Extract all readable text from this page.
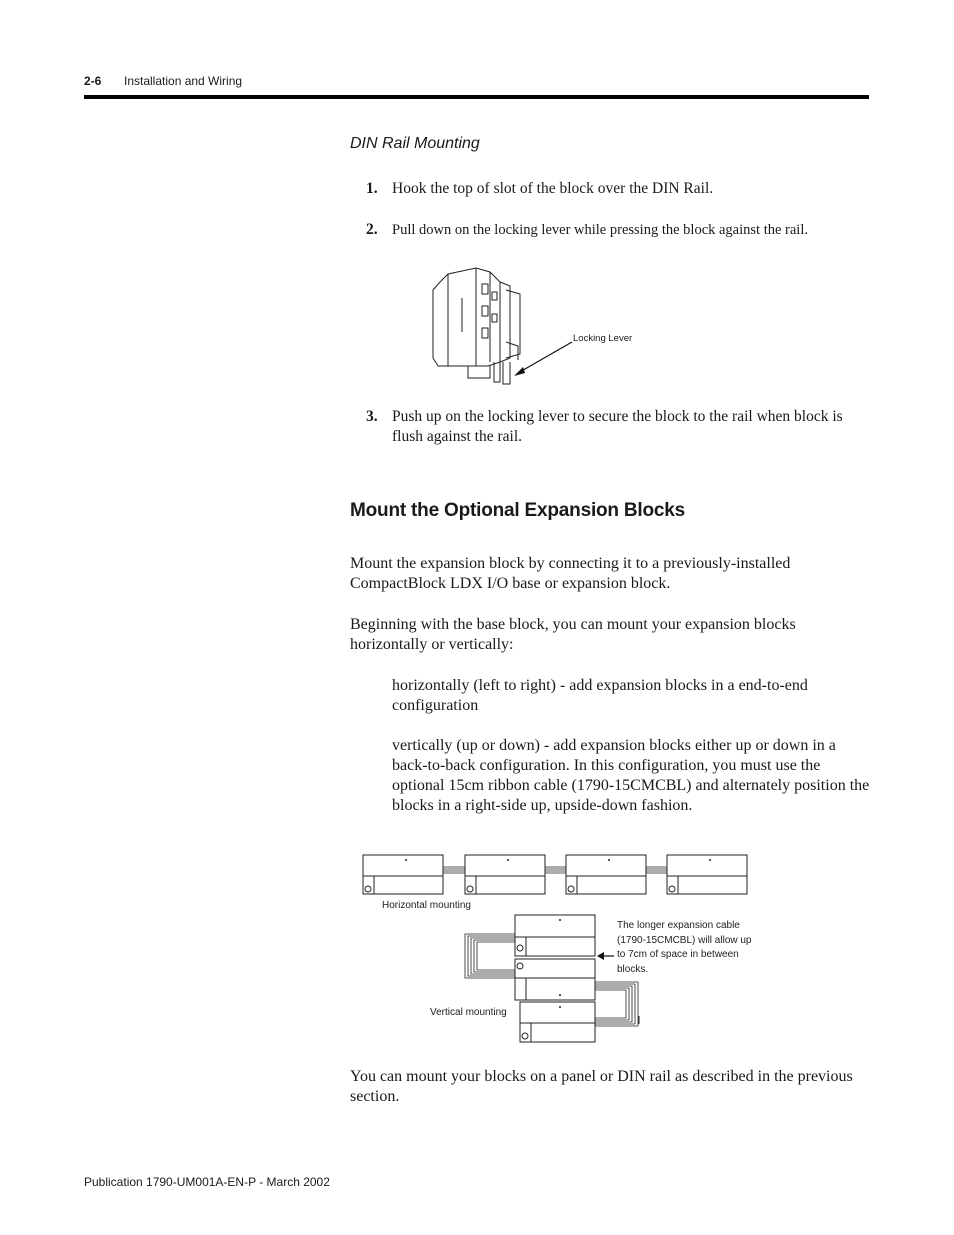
2-6 Installation and Wiring
DIN Rail Mounting
1. Hook the top of slot of the block over the DIN Rail.
2. Pull down on the locking lever while pressing the block against the rail.
Locking Lever
3. Push up on the locking lever to secure the block to the rail when block is flush against the rail.
Mount the Optional Expansion Blocks
Mount the expansion block by connecting it to a previously-installed CompactBlock LDX I/O base or expansion block.
Beginning with the base block, you can mount your expansion blocks horizontally or vertically:
horizontally (left to right) - add expansion blocks in a end-to-end configuration
vertically (up or down) - add expansion blocks either up or down in a back-to-back configuration. In this configuration, you must use the optional 15cm ribbon cable (1790-15CMCBL) and alternately position the blocks in a right-side up, upside-down fashion.
Horizontal mounting
The longer expansion cable (1790-15CMCBL) will allow up to 7cm of space in between blocks.
Vertical mounting
You can mount your blocks on a panel or DIN rail as described in the previous section.
Publication 1790-UM001A-EN-P - March 2002
